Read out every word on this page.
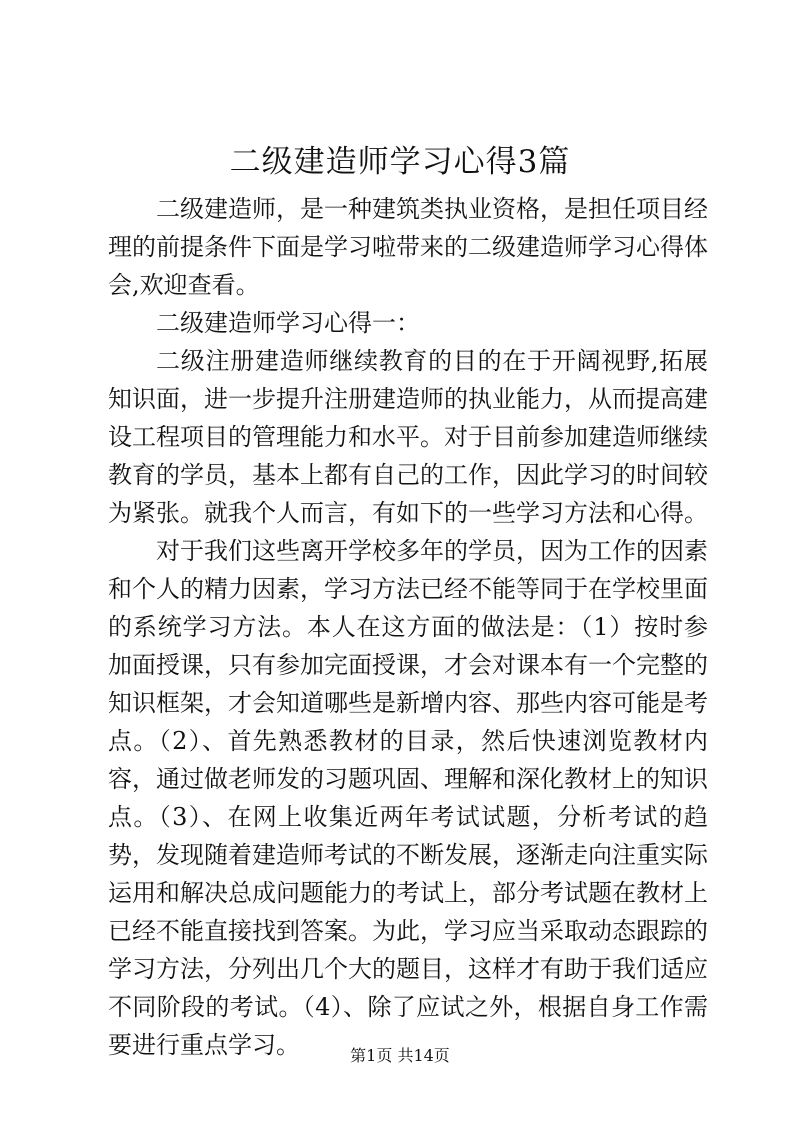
二级建造师学习心得3篇

二级建造师，是一种建筑类执业资格，是担任项目经理的前提条件下面是学习啦带来的二级建造师学习心得体会,欢迎查看。

二级建造师学习心得一：

二级注册建造师继续教育的目的在于开阔视野,拓展知识面，进一步提升注册建造师的执业能力，从而提高建设工程项目的管理能力和水平。对于目前参加建造师继续教育的学员，基本上都有自己的工作，因此学习的时间较为紧张。就我个人而言，有如下的一些学习方法和心得。

对于我们这些离开学校多年的学员，因为工作的因素和个人的精力因素，学习方法已经不能等同于在学校里面的系统学习方法。本人在这方面的做法是：（1）按时参加面授课，只有参加完面授课，才会对课本有一个完整的知识框架，才会知道哪些是新增内容、那些内容可能是考点。（2）、首先熟悉教材的目录，然后快速浏览教材内容，通过做老师发的习题巩固、理解和深化教材上的知识点。（3）、在网上收集近两年考试试题，分析考试的趋势，发现随着建造师考试的不断发展，逐渐走向注重实际运用和解决总成问题能力的考试上，部分考试题在教材上已经不能直接找到答案。为此，学习应当采取动态跟踪的学习方法，分列出几个大的题目，这样才有助于我们适应不同阶段的考试。（4）、除了应试之外，根据自身工作需要进行重点学习。	第1页 共14页
